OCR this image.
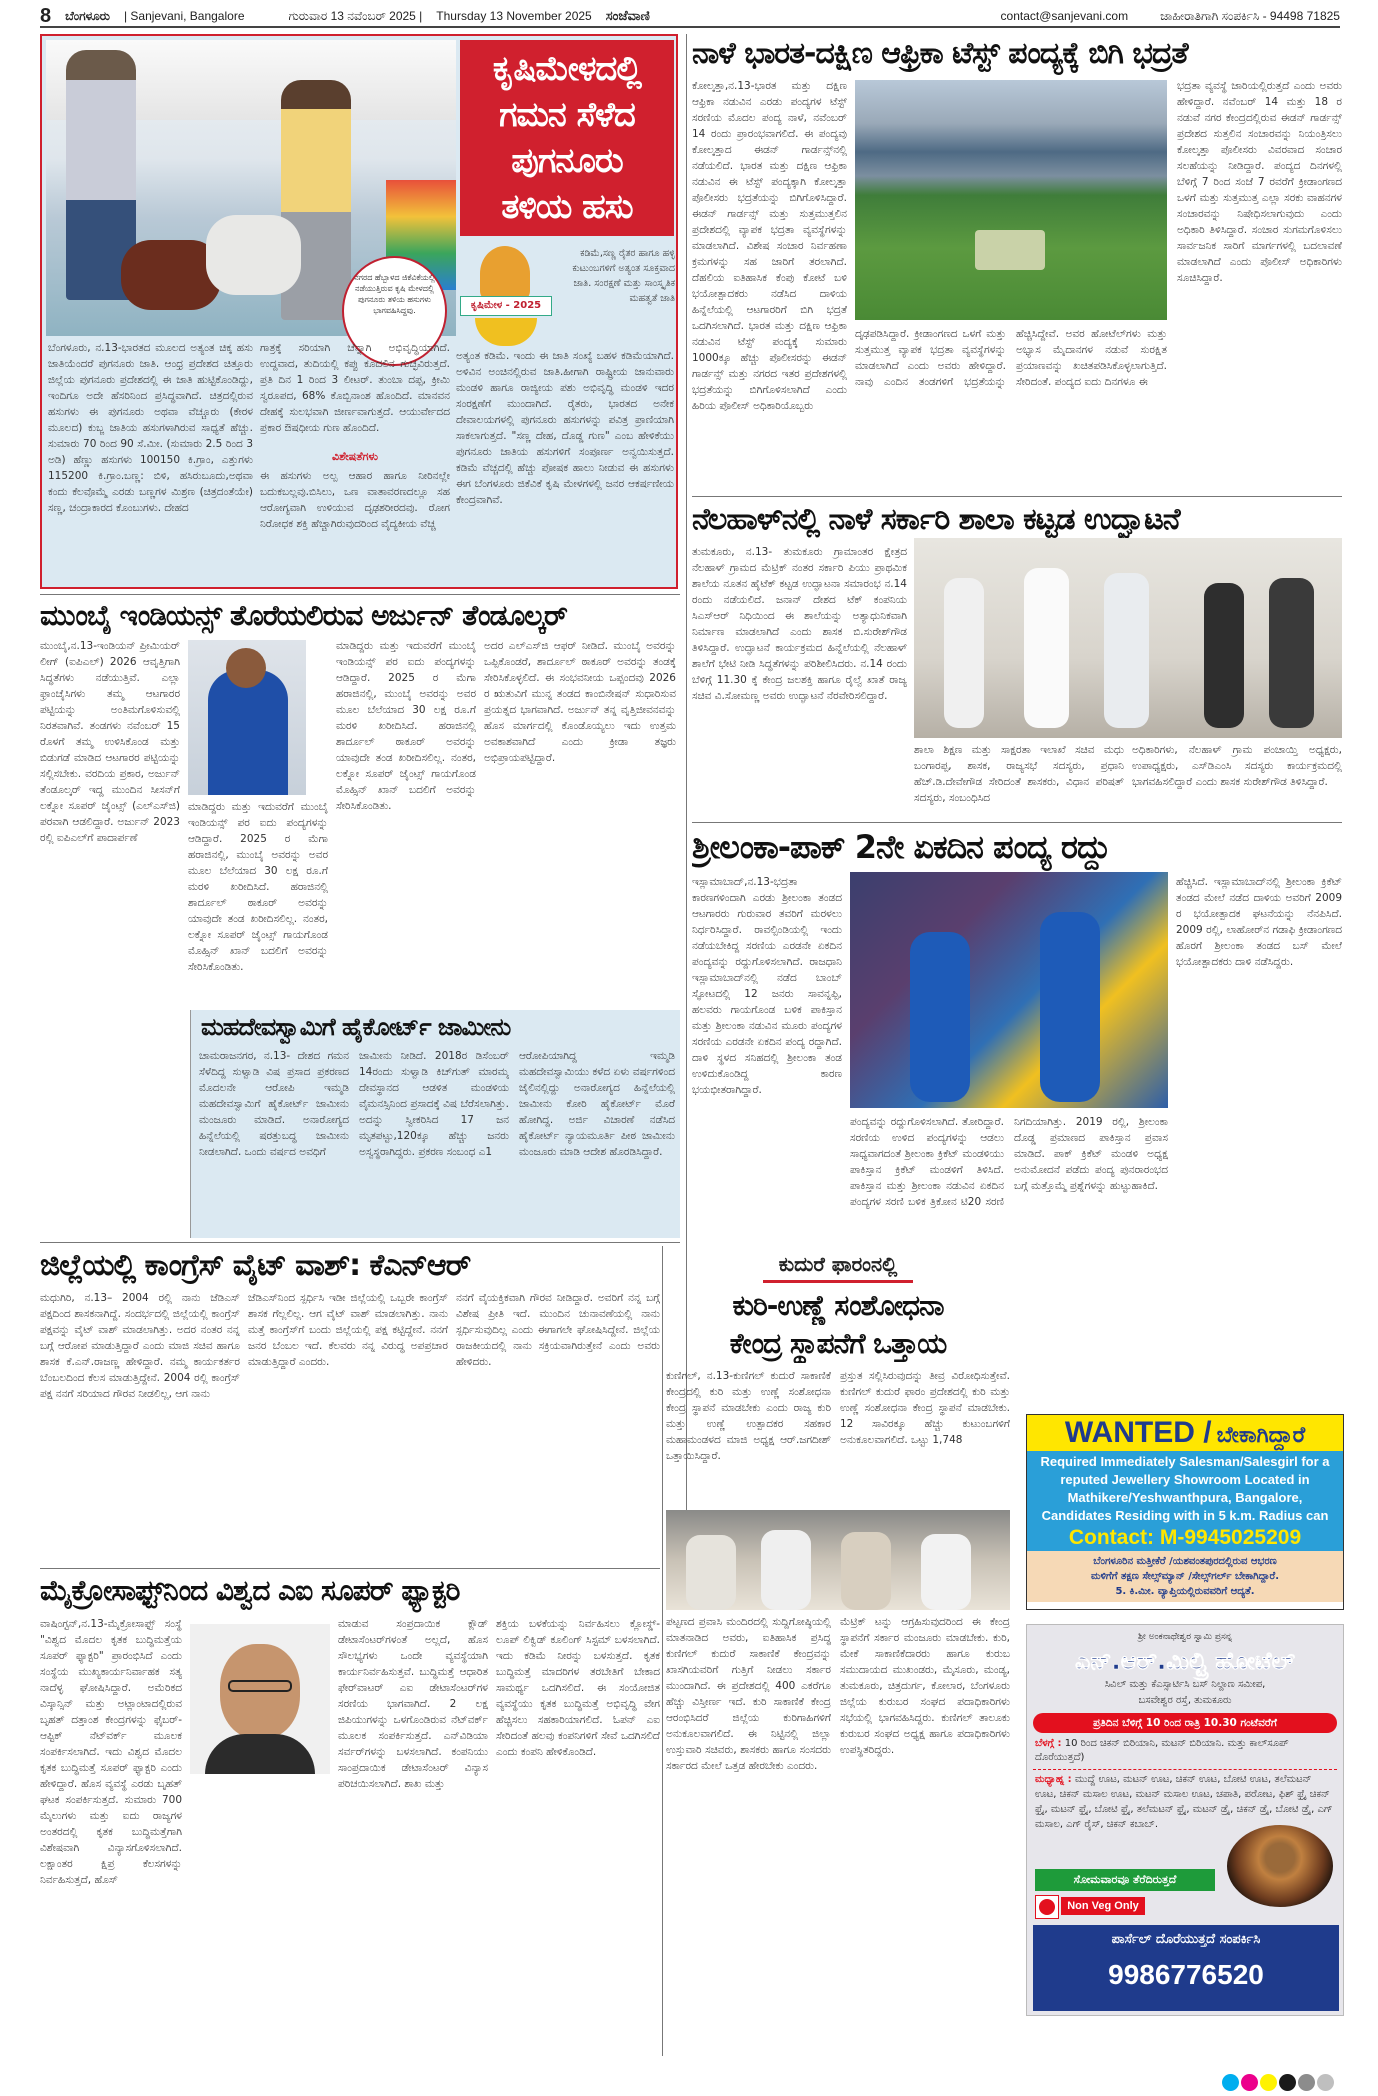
8 ಬೆಂಗಳೂರು | Sanjevani, Bangalore	ಗುರುವಾರ 13 ನವೆಂಬರ್ 2025 | Thursday 13 November 2025 ಸಂಜೆವಾಣಿ	contact@sanjevani.com	ಜಾಹೀರಾತಿಗಾಗಿ ಸಂಪರ್ಕಿಸಿ - 94498 71825
ಕೃಷಿಮೇಳದಲ್ಲಿ
ಗಮನ ಸೆಳೆದ
ಪುಗನೂರು
ತಳಿಯ ಹಸು
ನಗರದ ಹೆಬ್ಬಾಳದ ಜಿಕೆವಿಕೆಯಲ್ಲಿ ನಡೆಯುತ್ತಿರುವ ಕೃಷಿ ಮೇಳದಲ್ಲಿ ಪುಗನೂರು ತಳಿಯ ಹಸುಗಳು ಭಾಗವಹಿಸಿದ್ದವು.	ಕೃಷಿಮೇಳ - 2025
ಕಡಿಮೆ,ಸಣ್ಣ ರೈತರ ಹಾಗೂ ಹಳ್ಳಿ ಕುಟುಂಬಗಳಿಗೆ ಅತ್ಯಂತ ಸೂಕ್ತವಾದ ಜಾತಿ. ಸಂರಕ್ಷಣೆ ಮತ್ತು ಸಾಂಸ್ಕೃತಿಕ ಮಹತ್ವತೆ ಜಾತಿ
ಬೆಂಗಳೂರು, ನ.13-ಭಾರತದ ಮೂಲದ ಅತ್ಯಂತ ಚಿಕ್ಕ ಹಸು ಜಾತಿಯೆಂದರೆ ಪುಗನೂರು ಜಾತಿ. ಆಂಧ್ರ ಪ್ರದೇಶದ ಚಿತ್ತೂರು ಜಿಲ್ಲೆಯ ಪುಗನೂರು ಪ್ರದೇಶದಲ್ಲಿ ಈ ಜಾತಿ ಹುಟ್ಟಿಕೊಂಡಿದ್ದು, ಇಂದಿಗೂ ಅದೇ ಹೆಸರಿನಿಂದ ಪ್ರಸಿದ್ಧವಾಗಿದೆ. ಚಿತ್ರದಲ್ಲಿರುವ ಹಸುಗಳು ಈ ಪುಗನೂರು ಅಥವಾ ವೆಚ್ಚೂರು (ಕೇರಳ ಮೂಲದ) ಕುಬ್ಜ ಜಾತಿಯ ಹಸುಗಳಾಗಿರುವ ಸಾಧ್ಯತೆ ಹೆಚ್ಚು. ಸುಮಾರು 70 ರಿಂದ 90 ಸೆ.ಮೀ. (ಸುಮಾರು 2.5 ರಿಂದ 3 ಅಡಿ) ಹೆಣ್ಣು ಹಸುಗಳು 100150 ಕಿ.ಗ್ರಾಂ, ಎತ್ತುಗಳು 115200 ಕಿ.ಗ್ರಾಂ.ಬಣ್ಣ: ಬಿಳಿ, ಹಸಿರುಬೂದು,ಅಥವಾ ಕಂದು ಕೆಲವೊಮ್ಮೆ ಎರಡು ಬಣ್ಣಗಳ ಮಿಶ್ರಣ (ಚಿತ್ರದಂತೆಯೇ) ಸಣ್ಣ, ಚಂದ್ರಾಕಾರದ ಕೊಂಬುಗಳು. ದೇಹದ
ಗಾತ್ರಕ್ಕೆ ಸರಿಯಾಗಿ ಚೆನ್ನಾಗಿ ಅಭಿವೃದ್ಧಿಯಾಗಿದೆ. ಉದ್ದವಾದ, ತುದಿಯಲ್ಲಿ ಕಪ್ಪು ಕೂದಲಿನ ಗುಚ್ಛವಿರುತ್ತದೆ. ಪ್ರತಿ ದಿನ 1 ರಿಂದ 3 ಲೀಟರ್. ತುಂಬಾ ದಪ್ಪ, ಕ್ರೀಮಿ ಸ್ವರೂಪದ, 68% ಕೊಬ್ಬಿನಾಂಶ ಹೊಂದಿದೆ. ಮಾನವನ ದೇಹಕ್ಕೆ ಸುಲಭವಾಗಿ ಜೀರ್ಣವಾಗುತ್ತದೆ. ಆಯುರ್ವೇದದ ಪ್ರಕಾರ ಔಷಧೀಯ ಗುಣ ಹೊಂದಿದೆ.
ವಿಶೇಷತೆಗಳು
ಈ ಹಸುಗಳು ಅಲ್ಪ ಆಹಾರ ಹಾಗೂ ನೀರಿನಲ್ಲೇ ಬದುಕಬಲ್ಲವು.ಬಿಸಿಲು, ಒಣ ವಾತಾವರಣದಲ್ಲೂ ಸಹ ಆರೋಗ್ಯವಾಗಿ ಉಳಿಯುವ ದೃಢಶರೀರದವು. ರೋಗ ನಿರೋಧಕ ಶಕ್ತಿ ಹೆಚ್ಚಾಗಿರುವುದರಿಂದ ವೈದ್ಯಕೀಯ ವೆಚ್ಚ
ಅತ್ಯಂತ ಕಡಿಮೆ. ಇಂದು ಈ ಜಾತಿ ಸಂಖ್ಯೆ ಬಹಳ ಕಡಿಮೆಯಾಗಿದೆ. ಅಳಿವಿನ ಅಂಚಿನಲ್ಲಿರುವ ಜಾತಿ.ಹೀಗಾಗಿ ರಾಷ್ಟ್ರೀಯ ಜಾನುವಾರು ಮಂಡಳಿ ಹಾಗೂ ರಾಜ್ಯೀಯ ಪಶು ಅಭಿವೃದ್ಧಿ ಮಂಡಳಿ ಇದರ ಸಂರಕ್ಷಣೆಗೆ ಮುಂದಾಗಿದೆ. ರೈತರು, ಭಾರತದ ಅನೇಕ ದೇವಾಲಯಗಳಲ್ಲಿ ಪುಗನೂರು ಹಸುಗಳನ್ನು ಪವಿತ್ರ ಪ್ರಾಣಿಯಾಗಿ ಸಾಕಲಾಗುತ್ತದೆ. "ಸಣ್ಣ ದೇಹ, ದೊಡ್ಡ ಗುಣ" ಎಂಬ ಹೇಳಿಕೆಯು ಪುಗನೂರು ಜಾತಿಯ ಹಸುಗಳಿಗೆ ಸಂಪೂರ್ಣ ಅನ್ವಯಿಸುತ್ತದೆ. ಕಡಿಮೆ ವೆಚ್ಚದಲ್ಲಿ ಹೆಚ್ಚು ಪೋಷಕ ಹಾಲು ನೀಡುವ ಈ ಹಸುಗಳು ಈಗ ಬೆಂಗಳೂರು ಜಿಕೆವಿಕೆ ಕೃಷಿ ಮೇಳಗಳಲ್ಲಿ ಜನರ ಆಕರ್ಷಣೀಯ ಕೇಂದ್ರವಾಗಿವೆ.
ನಾಳೆ ಭಾರತ-ದಕ್ಷಿಣ ಆಫ್ರಿಕಾ ಟೆಸ್ಟ್ ಪಂದ್ಯಕ್ಕೆ ಬಿಗಿ ಭದ್ರತೆ
ಕೋಲ್ಕತ್ತಾ,ನ.13-ಭಾರತ ಮತ್ತು ದಕ್ಷಿಣ ಆಫ್ರಿಕಾ ನಡುವಿನ ಎರಡು ಪಂದ್ಯಗಳ ಟೆಸ್ಟ್ ಸರಣಿಯ ಮೊದಲ ಪಂದ್ಯ ನಾಳೆ, ನವೆಂಬರ್ 14 ರಂದು ಪ್ರಾರಂಭವಾಗಲಿದೆ. ಈ ಪಂದ್ಯವು ಕೋಲ್ಕತ್ತಾದ ಈಡನ್ ಗಾರ್ಡನ್ಸ್‌ನಲ್ಲಿ ನಡೆಯಲಿದೆ. ಭಾರತ ಮತ್ತು ದಕ್ಷಿಣ ಆಫ್ರಿಕಾ ನಡುವಿನ ಈ ಟೆಸ್ಟ್ ಪಂದ್ಯಕ್ಕಾಗಿ ಕೋಲ್ಕತ್ತಾ ಪೊಲೀಸರು ಭದ್ರತೆಯನ್ನು ಬಿಗಿಗೊಳಿಸಿದ್ದಾರೆ. ಈಡನ್ ಗಾರ್ಡನ್ಸ್ ಮತ್ತು ಸುತ್ತಮುತ್ತಲಿನ ಪ್ರದೇಶದಲ್ಲಿ ವ್ಯಾಪಕ ಭದ್ರತಾ ವ್ಯವಸ್ಥೆಗಳನ್ನು ಮಾಡಲಾಗಿದೆ. ವಿಶೇಷ ಸಂಚಾರ ನಿರ್ವಹಣಾ ಕ್ರಮಗಳನ್ನು ಸಹ ಜಾರಿಗೆ ತರಲಾಗಿದೆ. ದೆಹಲಿಯ ಐತಿಹಾಸಿಕ ಕೆಂಪು ಕೋಟೆ ಬಳಿ ಭಯೋತ್ಪಾದಕರು ನಡೆಸಿದ ದಾಳಿಯ ಹಿನ್ನೆಲೆಯಲ್ಲಿ ಆಟಗಾರರಿಗೆ ಬಿಗಿ ಭದ್ರತೆ ಒದಗಿಸಲಾಗಿದೆ. ಭಾರತ ಮತ್ತು ದಕ್ಷಿಣ ಆಫ್ರಿಕಾ ನಡುವಿನ ಟೆಸ್ಟ್ ಪಂದ್ಯಕ್ಕೆ ಸುಮಾರು 1000ಕ್ಕೂ ಹೆಚ್ಚು ಪೊಲೀಸರನ್ನು ಈಡನ್ ಗಾರ್ಡನ್ಸ್ ಮತ್ತು ನಗರದ ಇತರ ಪ್ರದೇಶಗಳಲ್ಲಿ ಭದ್ರತೆಯನ್ನು ಬಿಗಿಗೊಳಿಸಲಾಗಿದೆ ಎಂದು ಹಿರಿಯ ಪೊಲೀಸ್ ಅಧಿಕಾರಿಯೊಬ್ಬರು
ದೃಢಪಡಿಸಿದ್ದಾರೆ. ಕ್ರೀಡಾಂಗಣದ ಒಳಗೆ ಮತ್ತು ಸುತ್ತಮುತ್ತ ವ್ಯಾಪಕ ಭದ್ರತಾ ವ್ಯವಸ್ಥೆಗಳನ್ನು ಮಾಡಲಾಗಿದೆ ಎಂದು ಅವರು ಹೇಳಿದ್ದಾರೆ. ನಾವು ಎಂದಿನ ತಂಡಗಳಿಗೆ ಭದ್ರತೆಯನ್ನು ಹೆಚ್ಚಿಸಿದ್ದೇವೆ. ಅವರ ಹೋಟೆಲ್‌ಗಳು ಮತ್ತು ಅಭ್ಯಾಸ ಮೈದಾನಗಳ ನಡುವೆ ಸುರಕ್ಷಿತ ಪ್ರಯಾಣವನ್ನು ಖಚಿತಪಡಿಸಿಕೊಳ್ಳಲಾಗುತ್ತಿದೆ. ಸೇರಿದಂತೆ. ಪಂದ್ಯದ ಐದು ದಿನಗಳೂ ಈ
ಭದ್ರತಾ ವ್ಯವಸ್ಥೆ ಜಾರಿಯಲ್ಲಿರುತ್ತದೆ ಎಂದು ಅವರು ಹೇಳಿದ್ದಾರೆ. ನವೆಂಬರ್ 14 ಮತ್ತು 18 ರ ನಡುವೆ ನಗರ ಕೇಂದ್ರದಲ್ಲಿರುವ ಈಡನ್ ಗಾರ್ಡನ್ಸ್ ಪ್ರದೇಶದ ಸುತ್ತಲಿನ ಸಂಚಾರವನ್ನು ನಿಯಂತ್ರಿಸಲು ಕೋಲ್ಕತ್ತಾ ಪೊಲೀಸರು ವಿವರವಾದ ಸಂಚಾರ ಸಲಹೆಯನ್ನು ನೀಡಿದ್ದಾರೆ. ಪಂದ್ಯದ ದಿನಗಳಲ್ಲಿ ಬೆಳಿಗ್ಗೆ 7 ರಿಂದ ಸಂಜೆ 7 ರವರೆಗೆ ಕ್ರೀಡಾಂಗಣದ ಒಳಗೆ ಮತ್ತು ಸುತ್ತಮುತ್ತ ಎಲ್ಲಾ ಸರಕು ವಾಹನಗಳ ಸಂಚಾರವನ್ನು ನಿಷೇಧಿಸಲಾಗುವುದು ಎಂದು ಅಧಿಕಾರಿ ತಿಳಿಸಿದ್ದಾರೆ. ಸಂಚಾರ ಸುಗಮಗೊಳಿಸಲು ಸಾರ್ವಜನಿಕ ಸಾರಿಗೆ ಮಾರ್ಗಗಳಲ್ಲಿ ಬದಲಾವಣೆ ಮಾಡಲಾಗಿದೆ ಎಂದು ಪೊಲೀಸ್ ಅಧಿಕಾರಿಗಳು ಸೂಚಿಸಿದ್ದಾರೆ.
ನೆಲಹಾಳ್‌ನಲ್ಲಿ ನಾಳೆ ಸರ್ಕಾರಿ ಶಾಲಾ ಕಟ್ಟಡ ಉದ್ಘಾಟನೆ
ತುಮಕೂರು, ನ.13- ತುಮಕೂರು ಗ್ರಾಮಾಂತರ ಕ್ಷೇತ್ರದ ನೆಲಹಾಳ್ ಗ್ರಾಮದ ಮೆಟ್ರಿಕ್ ನಂತರ ಸರ್ಕಾರಿ ಪಿಯು ಪ್ರಾಥಮಿಕ ಶಾಲೆಯ ನೂತನ ಹೈಟೆಕ್ ಕಟ್ಟಡ ಉದ್ಘಾಟನಾ ಸಮಾರಂಭ ನ.14 ರಂದು ನಡೆಯಲಿದೆ. ಜನಾನ್ ದೇಶದ ಟೆಕ್ ಕಂಪನಿಯ ಸಿಎಸ್‌ಆರ್ ನಿಧಿಯಿಂದ ಈ ಶಾಲೆಯನ್ನು ಅತ್ಯಾಧುನಿಕವಾಗಿ ನಿರ್ಮಾಣ ಮಾಡಲಾಗಿದೆ ಎಂದು ಶಾಸಕ ಬಿ.ಸುರೇಶ್‌ಗೌಡ ತಿಳಿಸಿದ್ದಾರೆ. ಉದ್ಘಾಟನೆ ಕಾರ್ಯಕ್ರಮದ ಹಿನ್ನೆಲೆಯಲ್ಲಿ ನೆಲಹಾಳ್ ಶಾಲೆಗೆ ಭೇಟಿ ನೀಡಿ ಸಿದ್ಧತೆಗಳನ್ನು ಪರಿಶೀಲಿಸಿದರು. ನ.14 ರಂದು ಬೆಳಿಗ್ಗೆ 11.30 ಕ್ಕೆ ಕೇಂದ್ರ ಜಲಶಕ್ತಿ ಹಾಗೂ ರೈಲ್ವೆ ಖಾತೆ ರಾಜ್ಯ ಸಚಿವ ವಿ.ಸೋಮಣ್ಣ ಅವರು ಉದ್ಘಾಟನೆ ನೆರವೇರಿಸಲಿದ್ದಾರೆ.
ಶಾಲಾ ಶಿಕ್ಷಣ ಮತ್ತು ಸಾಕ್ಷರತಾ ಇಲಾಖೆ ಸಚಿವ ಮಧು ಬಂಗಾರಪ್ಪ, ಶಾಸಕ, ರಾಜ್ಯಸಭೆ ಸದಸ್ಯರು, ಪ್ರಧಾನಿ ಹೆಚ್.ಡಿ.ದೇವೇಗೌಡ ಸೇರಿದಂತೆ ಶಾಸಕರು, ವಿಧಾನ ಪರಿಷತ್ ಸದಸ್ಯರು, ಸಂಬಂಧಿಸಿದ
ಅಧಿಕಾರಿಗಳು, ನೆಲಹಾಳ್ ಗ್ರಾಮ ಪಂಚಾಯ್ತಿ ಅಧ್ಯಕ್ಷರು, ಉಪಾಧ್ಯಕ್ಷರು, ಎಸ್‌ಡಿಎಂಸಿ ಸದಸ್ಯರು ಕಾರ್ಯಕ್ರಮದಲ್ಲಿ ಭಾಗವಹಿಸಲಿದ್ದಾರೆ ಎಂದು ಶಾಸಕ ಸುರೇಶ್‌ಗೌಡ ತಿಳಿಸಿದ್ದಾರೆ.
ಶ್ರೀಲಂಕಾ-ಪಾಕ್ 2ನೇ ಏಕದಿನ ಪಂದ್ಯ ರದ್ದು
ಇಸ್ಲಾಮಾಬಾದ್,ನ.13-ಭದ್ರತಾ ಕಾರಣಗಳಿಂದಾಗಿ ಎರಡು ಶ್ರೀಲಂಕಾ ತಂಡದ ಆಟಗಾರರು ಗುರುವಾರ ತವರಿಗೆ ಮರಳಲು ನಿರ್ಧರಿಸಿದ್ದಾರೆ. ರಾವಲ್ಪಿಂಡಿಯಲ್ಲಿ ಇಂದು ನಡೆಯಬೇಕಿದ್ದ ಸರಣಿಯ ಎರಡನೇ ಏಕದಿನ ಪಂದ್ಯವನ್ನು ರದ್ದುಗೊಳಿಸಲಾಗಿದೆ. ರಾಜಧಾನಿ ಇಸ್ಲಾಮಾಬಾದ್‌ನಲ್ಲಿ ನಡೆದ ಬಾಂಬ್ ಸ್ಫೋಟದಲ್ಲಿ 12 ಜನರು ಸಾವನ್ನಪ್ಪಿ, ಹಲವರು ಗಾಯಗೊಂಡ ಬಳಿಕ ಪಾಕಿಸ್ತಾನ ಮತ್ತು ಶ್ರೀಲಂಕಾ ನಡುವಿನ ಮೂರು ಪಂದ್ಯಗಳ ಸರಣಿಯ ಎರಡನೇ ಏಕದಿನ ಪಂದ್ಯ ರದ್ದಾಗಿದೆ. ದಾಳಿ ಸ್ಥಳದ ಸನಿಹದಲ್ಲಿ ಶ್ರೀಲಂಕಾ ತಂಡ ಉಳಿದುಕೊಂಡಿದ್ದ ಕಾರಣ ಭಯಭೀತರಾಗಿದ್ದಾರೆ.
ಪಂದ್ಯವನ್ನು ರದ್ದುಗೊಳಿಸಲಾಗಿದೆ. ತೋರಿದ್ದಾರೆ. ಸರಣಿಯ ಉಳಿದ ಪಂದ್ಯಗಳನ್ನು ಆಡಲು ಸಾಧ್ಯವಾಗದಂತೆ ಶ್ರೀಲಂಕಾ ಕ್ರಿಕೆಟ್ ಮಂಡಳಿಯು ಪಾಕಿಸ್ತಾನ ಕ್ರಿಕೆಟ್ ಮಂಡಳಿಗೆ ತಿಳಿಸಿದೆ. ಪಾಕಿಸ್ತಾನ ಮತ್ತು ಶ್ರೀಲಂಕಾ ನಡುವಿನ ಏಕದಿನ ಪಂದ್ಯಗಳ ಸರಣಿ ಬಳಿಕ ತ್ರಿಕೋನ ಟಿ20 ಸರಣಿ ನಿಗದಿಯಾಗಿತ್ತು. 2019 ರಲ್ಲಿ, ಶ್ರೀಲಂಕಾ ದೊಡ್ಡ ಪ್ರಮಾಣದ ಪಾಕಿಸ್ತಾನ ಪ್ರವಾಸ ಮಾಡಿದೆ. ಪಾಕ್ ಕ್ರಿಕೆಟ್ ಮಂಡಳಿ ಅಧ್ಯಕ್ಷ ಅನುಮೋದನೆ ಪಡೆದು ಪಂದ್ಯ ಪುನರಾರಂಭದ ಬಗ್ಗೆ ಮತ್ತೊಮ್ಮೆ ಪ್ರಶ್ನೆಗಳನ್ನು ಹುಟ್ಟುಹಾಕಿದೆ.
ಹೆಚ್ಚಿಸಿದೆ. ಇಸ್ಲಾಮಾಬಾದ್‌ನಲ್ಲಿ ಶ್ರೀಲಂಕಾ ಕ್ರಿಕೆಟ್ ತಂಡದ ಮೇಲೆ ನಡೆದ ದಾಳಿಯ ಅವರಿಗೆ 2009 ರ ಭಯೋತ್ಪಾದಕ ಘಟನೆಯನ್ನು ನೆನಪಿಸಿದೆ. 2009 ರಲ್ಲಿ, ಲಾಹೋರ್‌ನ ಗಡಾಫಿ ಕ್ರೀಡಾಂಗಣದ ಹೊರಗೆ ಶ್ರೀಲಂಕಾ ತಂಡದ ಬಸ್ ಮೇಲೆ ಭಯೋತ್ಪಾದಕರು ದಾಳಿ ನಡೆಸಿದ್ದರು.
ಮುಂಬೈ ಇಂಡಿಯನ್ಸ್ ತೊರೆಯಲಿರುವ ಅರ್ಜುನ್ ತೆಂಡೂಲ್ಕರ್
ಮುಂಬೈ,ನ.13-ಇಂಡಿಯನ್ ಪ್ರೀಮಿಯರ್ ಲೀಗ್ (ಐಪಿಎಲ್) 2026 ಆವೃತ್ತಿಗಾಗಿ ಸಿದ್ಧತೆಗಳು ನಡೆಯುತ್ತಿವೆ. ಎಲ್ಲಾ ಫ್ರಾಂಚೈಸಿಗಳು ತಮ್ಮ ಆಟಗಾರರ ಪಟ್ಟಿಯನ್ನು ಅಂತಿಮಗೊಳಿಸುವಲ್ಲಿ ನಿರತವಾಗಿವೆ. ತಂಡಗಳು ನವೆಂಬರ್ 15 ರೊಳಗೆ ತಮ್ಮ ಉಳಿಸಿಕೊಂಡ ಮತ್ತು ಬಿಡುಗಡೆ ಮಾಡಿದ ಆಟಗಾರರ ಪಟ್ಟಿಯನ್ನು ಸಲ್ಲಿಸಬೇಕು. ವರದಿಯ ಪ್ರಕಾರ, ಅರ್ಜುನ್ ತೆಂಡೂಲ್ಕರ್ ಇದ್ದ ಮುಂದಿನ ಸೀಸನ್‌ಗೆ ಲಕ್ನೋ ಸೂಪರ್ ಜೈಂಟ್ಸ್ (ಎಲ್‌ಎಸ್‌ಜಿ) ಪರವಾಗಿ ಆಡಲಿದ್ದಾರೆ. ಅರ್ಜುನ್ 2023 ರಲ್ಲಿ ಐಪಿಎಲ್‌ಗೆ ಪಾದಾರ್ಪಣೆ
ಮಾಡಿದ್ದರು ಮತ್ತು ಇದುವರೆಗೆ ಮುಂಬೈ ಇಂಡಿಯನ್ಸ್ ಪರ ಐದು ಪಂದ್ಯಗಳನ್ನು ಆಡಿದ್ದಾರೆ. 2025 ರ ಮೆಗಾ ಹರಾಜಿನಲ್ಲಿ, ಮುಂಬೈ ಅವರನ್ನು ಅವರ ಮೂಲ ಬೆಲೆಯಾದ 30 ಲಕ್ಷ ರೂ.ಗೆ ಮರಳಿ ಖರೀದಿಸಿದೆ. ಹರಾಜಿನಲ್ಲಿ ಶಾರ್ದೂಲ್ ಠಾಕೂರ್ ಅವರನ್ನು ಯಾವುದೇ ತಂಡ ಖರೀದಿಸಲಿಲ್ಲ. ನಂತರ, ಲಕ್ನೋ ಸೂಪರ್ ಜೈಂಟ್ಸ್ ಗಾಯಗೊಂಡ ಮೊಹ್ಸಿನ್ ಖಾನ್ ಬದಲಿಗೆ ಅವರನ್ನು ಸೇರಿಸಿಕೊಂಡಿತು.
ಮಾಡಿದ್ದರು ಮತ್ತು ಇದುವರೆಗೆ ಮುಂಬೈ ಇಂಡಿಯನ್ಸ್ ಪರ ಐದು ಪಂದ್ಯಗಳನ್ನು ಆಡಿದ್ದಾರೆ. 2025 ರ ಮೆಗಾ ಹರಾಜಿನಲ್ಲಿ, ಮುಂಬೈ ಅವರನ್ನು ಅವರ ಮೂಲ ಬೆಲೆಯಾದ 30 ಲಕ್ಷ ರೂ.ಗೆ ಮರಳಿ ಖರೀದಿಸಿದೆ. ಹರಾಜಿನಲ್ಲಿ ಶಾರ್ದೂಲ್ ಠಾಕೂರ್ ಅವರನ್ನು ಯಾವುದೇ ತಂಡ ಖರೀದಿಸಲಿಲ್ಲ. ನಂತರ, ಲಕ್ನೋ ಸೂಪರ್ ಜೈಂಟ್ಸ್ ಗಾಯಗೊಂಡ ಮೊಹ್ಸಿನ್ ಖಾನ್ ಬದಲಿಗೆ ಅವರನ್ನು ಸೇರಿಸಿಕೊಂಡಿತು.
ಅದರ ಎಲ್‌ಎಸ್‌ಜಿ ಆಫರ್ ನೀಡಿದೆ. ಮುಂಬೈ ಅವರನ್ನು ಒಪ್ಪಿಕೊಂಡರೆ, ಶಾರ್ದೂಲ್ ಠಾಕೂರ್ ಅವರನ್ನು ತಂಡಕ್ಕೆ ಸೇರಿಸಿಕೊಳ್ಳಲಿದೆ. ಈ ಸಂಭವನೀಯ ಒಪ್ಪಂದವು 2026 ರ ಋತುವಿಗೆ ಮುನ್ನ ತಂಡದ ಕಾಂಬಿನೇಷನ್ ಸುಧಾರಿಸುವ ಪ್ರಯತ್ನದ ಭಾಗವಾಗಿದೆ. ಅರ್ಜುನ್ ತನ್ನ ವೃತ್ತಿಜೀವನವನ್ನು ಹೊಸ ಮಾರ್ಗದಲ್ಲಿ ಕೊಂಡೊಯ್ಯಲು ಇದು ಉತ್ತಮ ಅವಕಾಶವಾಗಿದೆ ಎಂದು ಕ್ರೀಡಾ ತಜ್ಞರು ಅಭಿಪ್ರಾಯಪಟ್ಟಿದ್ದಾರೆ.
ಮಹದೇವಸ್ವಾಮಿಗೆ ಹೈಕೋರ್ಟ್ ಜಾಮೀನು
ಚಾಮರಾಜನಗರ, ನ.13- ದೇಶದ ಗಮನ ಸೆಳೆದಿದ್ದ ಸುಳ್ವಾಡಿ ವಿಷ ಪ್ರಸಾದ ಪ್ರಕರಣದ ಮೊದಲನೇ ಆರೋಪಿ ಇಮ್ಮಡಿ ಮಹದೇವಸ್ವಾಮಿಗೆ ಹೈಕೋರ್ಟ್ ಜಾಮೀನು ಮಂಜೂರು ಮಾಡಿದೆ. ಅನಾರೋಗ್ಯದ ಹಿನ್ನೆಲೆಯಲ್ಲಿ ಷರತ್ತುಬದ್ಧ ಜಾಮೀನು ನೀಡಲಾಗಿದೆ. ಒಂದು ವರ್ಷದ ಅವಧಿಗೆ
ಜಾಮೀನು ನೀಡಿದೆ. 2018ರ ಡಿಸೆಂಬರ್ 14ರಂದು ಸುಳ್ವಾಡಿ ಕಿಚ್‌ಗುತ್ ಮಾರಮ್ಮ ದೇವಸ್ಥಾನದ ಆಡಳಿತ ಮಂಡಳಿಯ ವೈಮನಸ್ಸಿನಿಂದ ಪ್ರಸಾದಕ್ಕೆ ವಿಷ ಬೆರೆಸಲಾಗಿತ್ತು. ಅದನ್ನು ಸ್ವೀಕರಿಸಿದ 17 ಜನ ಮೃತಪಟ್ಟು,120ಕ್ಕೂ ಹೆಚ್ಚು ಜನರು ಅಸ್ವಸ್ಥರಾಗಿದ್ದರು. ಪ್ರಕರಣ ಸಂಬಂಧ ಎ1
ಆರೋಪಿಯಾಗಿದ್ದ ಇಮ್ಮಡಿ ಮಹದೇವಸ್ವಾಮಿಯು ಕಳೆದ ಏಳು ವರ್ಷಗಳಿಂದ ಜೈಲಿನಲ್ಲಿದ್ದು ಅನಾರೋಗ್ಯದ ಹಿನ್ನೆಲೆಯಲ್ಲಿ ಜಾಮೀನು ಕೋರಿ ಹೈಕೋರ್ಟ್ ಮೊರೆ ಹೋಗಿದ್ದ. ಅರ್ಜಿ ವಿಚಾರಣೆ ನಡೆಸಿದ ಹೈಕೋರ್ಟ್ ನ್ಯಾಯಮೂರ್ತಿ ಪೀಠ ಜಾಮೀನು ಮಂಜೂರು ಮಾಡಿ ಆದೇಶ ಹೊರಡಿಸಿದ್ದಾರೆ.
ಜಿಲ್ಲೆಯಲ್ಲಿ ಕಾಂಗ್ರೆಸ್ ವೈಟ್ ವಾಶ್: ಕೆಎನ್‌ಆರ್
ಮಧುಗಿರಿ, ನ.13– 2004 ರಲ್ಲಿ ನಾನು ಜೆಡಿಎಸ್ ಪಕ್ಷದಿಂದ ಶಾಸಕನಾಗಿದ್ದೆ. ಸಂದರ್ಭದಲ್ಲಿ ಜಿಲ್ಲೆಯಲ್ಲಿ ಕಾಂಗ್ರೆಸ್ ಪಕ್ಷವನ್ನು ವೈಟ್ ವಾಶ್ ಮಾಡಲಾಗಿತ್ತು. ಅದರ ನಂತರ ನನ್ನ ಬಗ್ಗೆ ಆರೋಪ ಮಾಡುತ್ತಿದ್ದಾರೆ ಎಂದು ಮಾಜಿ ಸಚಿವ ಹಾಗೂ ಶಾಸಕ ಕೆ.ಎನ್.ರಾಜಣ್ಣ ಹೇಳಿದ್ದಾರೆ. ನಮ್ಮ ಕಾರ್ಯಕರ್ತರ ಬೆಂಬಲದಿಂದ ಕೆಲಸ ಮಾಡುತ್ತಿದ್ದೇನೆ. 2004 ರಲ್ಲಿ ಕಾಂಗ್ರೆಸ್ ಪಕ್ಷ ನನಗೆ ಸರಿಯಾದ ಗೌರವ ನೀಡಲಿಲ್ಲ, ಆಗ ನಾನು
ಜೆಡಿಎಸ್‌ನಿಂದ ಸ್ಪರ್ಧಿಸಿ ಇಡೀ ಜಿಲ್ಲೆಯಲ್ಲಿ ಒಬ್ಬರೇ ಕಾಂಗ್ರೆಸ್ ಶಾಸಕ ಗೆಲ್ಲಲಿಲ್ಲ. ಆಗ ವೈಟ್ ವಾಶ್ ಮಾಡಲಾಗಿತ್ತು. ನಾನು ಮತ್ತೆ ಕಾಂಗ್ರೆಸ್‌ಗೆ ಬಂದು ಜಿಲ್ಲೆಯಲ್ಲಿ ಪಕ್ಷ ಕಟ್ಟಿದ್ದೇನೆ. ನನಗೆ ಜನರ ಬೆಂಬಲ ಇದೆ. ಕೆಲವರು ನನ್ನ ವಿರುದ್ಧ ಅಪಪ್ರಚಾರ ಮಾಡುತ್ತಿದ್ದಾರೆ ಎಂದರು.
ನನಗೆ ವೈಯಕ್ತಿಕವಾಗಿ ಗೌರವ ನೀಡಿದ್ದಾರೆ. ಅವರಿಗೆ ನನ್ನ ಬಗ್ಗೆ ವಿಶೇಷ ಪ್ರೀತಿ ಇದೆ. ಮುಂದಿನ ಚುನಾವಣೆಯಲ್ಲಿ ನಾನು ಸ್ಪರ್ಧಿಸುವುದಿಲ್ಲ ಎಂದು ಈಗಾಗಲೇ ಘೋಷಿಸಿದ್ದೇನೆ. ಜಿಲ್ಲೆಯ ರಾಜಕೀಯದಲ್ಲಿ ನಾನು ಸಕ್ರಿಯವಾಗಿರುತ್ತೇನೆ ಎಂದು ಅವರು ಹೇಳಿದರು.
ಕುದುರೆ ಫಾರಂನಲ್ಲಿ
ಕುರಿ-ಉಣ್ಣೆ ಸಂಶೋಧನಾ
ಕೇಂದ್ರ ಸ್ಥಾಪನೆಗೆ ಒತ್ತಾಯ
ಕುಣಿಗಲ್, ನ.13-ಕುಣಿಗಲ್ ಕುದುರೆ ಸಾಕಾಣಿಕೆ ಕೇಂದ್ರದಲ್ಲಿ ಕುರಿ ಮತ್ತು ಉಣ್ಣೆ ಸಂಶೋಧನಾ ಕೇಂದ್ರ ಸ್ಥಾಪನೆ ಮಾಡಬೇಕು ಎಂದು ರಾಜ್ಯ ಕುರಿ ಮತ್ತು ಉಣ್ಣೆ ಉತ್ಪಾದಕರ ಸಹಕಾರ ಮಹಾಮಂಡಳದ ಮಾಜಿ ಅಧ್ಯಕ್ಷ ಆರ್.ಜಗದೀಶ್ ಒತ್ತಾಯಿಸಿದ್ದಾರೆ.
ಪ್ರಸ್ತುತ ಸಲ್ಲಿಸಿರುವುದನ್ನು ತೀವ್ರ ವಿರೋಧಿಸುತ್ತೇವೆ. ಕುಣಿಗಲ್ ಕುದುರೆ ಫಾರಂ ಪ್ರದೇಶದಲ್ಲಿ ಕುರಿ ಮತ್ತು ಉಣ್ಣೆ ಸಂಶೋಧನಾ ಕೇಂದ್ರ ಸ್ಥಾಪನೆ ಮಾಡಬೇಕು. 12 ಸಾವಿರಕ್ಕೂ ಹೆಚ್ಚು ಕುಟುಂಬಗಳಿಗೆ ಅನುಕೂಲವಾಗಲಿದೆ. ಒಟ್ಟು 1,748
ಪಟ್ಟಣದ ಪ್ರವಾಸಿ ಮಂದಿರದಲ್ಲಿ ಸುದ್ದಿಗೋಷ್ಠಿಯಲ್ಲಿ ಮಾತನಾಡಿದ ಅವರು, ಐತಿಹಾಸಿಕ ಪ್ರಸಿದ್ಧ ಕುಣಿಗಲ್ ಕುದುರೆ ಸಾಕಾಣಿಕೆ ಕೇಂದ್ರವನ್ನು ಖಾಸಗಿಯವರಿಗೆ ಗುತ್ತಿಗೆ ನೀಡಲು ಸರ್ಕಾರ ಮುಂದಾಗಿದೆ. ಈ ಪ್ರದೇಶದಲ್ಲಿ 400 ಎಕರೆಗೂ ಹೆಚ್ಚು ವಿಸ್ತೀರ್ಣ ಇದೆ. ಕುರಿ ಸಾಕಾಣಿಕೆ ಕೇಂದ್ರ ಆರಂಭಿಸಿದರೆ ಜಿಲ್ಲೆಯ ಕುರಿಗಾಹಿಗಳಿಗೆ ಅನುಕೂಲವಾಗಲಿದೆ. ಈ ನಿಟ್ಟಿನಲ್ಲಿ ಜಿಲ್ಲಾ ಉಸ್ತುವಾರಿ ಸಚಿವರು, ಶಾಸಕರು ಹಾಗೂ ಸಂಸದರು ಸರ್ಕಾರದ ಮೇಲೆ ಒತ್ತಡ ಹೇರಬೇಕು ಎಂದರು.
ಮೆಟ್ರಿಕ್ ಟನ್ನು ಆಗ್ರಹಿಸುವುದರಿಂದ ಈ ಕೇಂದ್ರ ಸ್ಥಾಪನೆಗೆ ಸರ್ಕಾರ ಮಂಜೂರು ಮಾಡಬೇಕು. ಕುರಿ, ಮೇಕೆ ಸಾಕಾಣಿಕೆದಾರರು ಹಾಗೂ ಕುರುಬ ಸಮುದಾಯದ ಮುಖಂಡರು, ಮೈಸೂರು, ಮಂಡ್ಯ, ತುಮಕೂರು, ಚಿತ್ರದುರ್ಗ, ಕೋಲಾರ, ಬೆಂಗಳೂರು ಜಿಲ್ಲೆಯ ಕುರುಬರ ಸಂಘದ ಪದಾಧಿಕಾರಿಗಳು ಸಭೆಯಲ್ಲಿ ಭಾಗವಹಿಸಿದ್ದರು. ಕುಣಿಗಲ್ ತಾಲೂಕು ಕುರುಬರ ಸಂಘದ ಅಧ್ಯಕ್ಷ ಹಾಗೂ ಪದಾಧಿಕಾರಿಗಳು ಉಪಸ್ಥಿತರಿದ್ದರು.
ಮೈಕ್ರೋಸಾಫ್ಟ್‌ನಿಂದ ವಿಶ್ವದ ಎಐ ಸೂಪರ್ ಫ್ಯಾಕ್ಟರಿ
ವಾಷಿಂಗ್ಟನ್,ನ.13-ಮೈಕ್ರೋಸಾಫ್ಟ್ ಸಂಸ್ಥೆ "ವಿಶ್ವದ ಮೊದಲ ಕೃತಕ ಬುದ್ಧಿಮತ್ತೆಯ ಸೂಪರ್ ಫ್ಯಾಕ್ಟರಿ" ಪ್ರಾರಂಭಿಸಿದೆ ಎಂದು ಸಂಸ್ಥೆಯ ಮುಖ್ಯಕಾರ್ಯನಿರ್ವಾಹಕ ಸತ್ಯ ನಾದೆಳ್ಳ ಘೋಷಿಸಿದ್ದಾರೆ. ಅಮೆರಿಕದ ವಿಸ್ಕಾನ್ಸಿನ್ ಮತ್ತು ಅಟ್ಲಾಂಟಾದಲ್ಲಿರುವ ಬೃಹತ್ ದತ್ತಾಂಶ ಕೇಂದ್ರಗಳನ್ನು ಫೈಬರ್-ಆಪ್ಟಿಕ್ ನೆಟ್‌ವರ್ಕ್ ಮೂಲಕ ಸಂಪರ್ಕಿಸಲಾಗಿದೆ. ಇದು ವಿಶ್ವದ ಮೊದಲ ಕೃತಕ ಬುದ್ಧಿಮತ್ತೆ ಸೂಪರ್ ಫ್ಯಾಕ್ಟರಿ ಎಂದು ಹೇಳಿದ್ದಾರೆ. ಹೊಸ ವ್ಯವಸ್ಥೆ ಎರಡು ಬೃಹತ್ ಘಟಕ ಸಂಪರ್ಕಿಸುತ್ತದೆ. ಸುಮಾರು 700 ಮೈಲುಗಳು ಮತ್ತು ಐದು ರಾಜ್ಯಗಳ ಅಂತರದಲ್ಲಿ ಕೃತಕ ಬುದ್ಧಿಮತ್ತೆಗಾಗಿ ವಿಶೇಷವಾಗಿ ವಿನ್ಯಾಸಗೊಳಿಸಲಾಗಿದೆ. ಲಕ್ಷಾಂತರ ಕ್ಷಿಪ್ರ ಕೆಲಸಗಳನ್ನು ನಿರ್ವಹಿಸುತ್ತದೆ, ಹೊಸ್
ಮಾಡುವ ಸಂಪ್ರದಾಯಿಕ ಕ್ಲೌಡ್ ಡೇಟಾಸೆಂಟರ್‌ಗಳಂತೆ ಅಲ್ಲದೆ, ಹೊಸ ಸೌಲಭ್ಯಗಳು ಒಂದೇ ವ್ಯವಸ್ಥೆಯಾಗಿ ಕಾರ್ಯನಿರ್ವಹಿಸುತ್ತವೆ. ಬುದ್ಧಿಮತ್ತೆ ಆಧಾರಿತ ಫೇರ್‌ವಾಟರ್ ಎಐ ಡೇಟಾಸೆಂಟರ್‌ಗಳ ಸರಣಿಯ ಭಾಗವಾಗಿದೆ. 2 ಲಕ್ಷ ಜಿಪಿಯುಗಳನ್ನು ಒಳಗೊಂಡಿರುವ ನೆಟ್‌ವರ್ಕ್ ಮೂಲಕ ಸಂಪರ್ಕಿಸುತ್ತದೆ. ಎನ್‌ವಿಡಿಯಾ ಸರ್ವರ್‌ಗಳನ್ನು ಬಳಸಲಾಗಿದೆ. ಕಂಪನಿಯು ಸಾಂಪ್ರದಾಯಿಕ ಡೇಟಾಸೆಂಟರ್ ವಿನ್ಯಾಸ ಪರಿಚಯಿಸಲಾಗಿದೆ. ಶಾಖ ಮತ್ತು
ಶಕ್ತಿಯ ಬಳಕೆಯನ್ನು ನಿರ್ವಹಿಸಲು ಕ್ಲೋಸ್ಡ್-ಲೂಪ್ ಲಿಕ್ವಿಡ್ ಕೂಲಿಂಗ್ ಸಿಸ್ಟಮ್ ಬಳಸಲಾಗಿದೆ. ಇದು ಕಡಿಮೆ ನೀರನ್ನು ಬಳಸುತ್ತದೆ. ಕೃತಕ ಬುದ್ಧಿಮತ್ತೆ ಮಾದರಿಗಳ ತರಬೇತಿಗೆ ಬೇಕಾದ ಸಾಮರ್ಥ್ಯ ಒದಗಿಸಲಿದೆ. ಈ ಸಂಯೋಜಿತ ವ್ಯವಸ್ಥೆಯು ಕೃತಕ ಬುದ್ಧಿಮತ್ತೆ ಅಭಿವೃದ್ಧಿ ವೇಗ ಹೆಚ್ಚಿಸಲು ಸಹಕಾರಿಯಾಗಲಿದೆ. ಓಪನ್ ಎಐ ಸೇರಿದಂತೆ ಹಲವು ಕಂಪನಿಗಳಿಗೆ ಸೇವೆ ಒದಗಿಸಲಿದೆ ಎಂದು ಕಂಪನಿ ಹೇಳಿಕೊಂಡಿದೆ.
WANTED / ಬೇಕಾಗಿದ್ದಾರೆ
Required Immediately Salesman/Salesgirl for a
reputed Jewellery Showroom Located in
Mathikere/Yeshwanthpura, Bangalore,
Candidates Residing with in 5 k.m. Radius can
Contact: M-9945025209
ಬೆಂಗಳೂರಿನ ಮತ್ತೀಕೆರೆ /ಯಶವಂತಪುರದಲ್ಲಿರುವ ಆಭರಣ
ಮಳಿಗೆಗೆ ತಕ್ಷಣ ಸೇಲ್ಸ್‌ಮ್ಯಾನ್ /ಸೇಲ್ಸ್‌ಗರ್ಲ್ ಬೇಕಾಗಿದ್ದಾರೆ.
5. ಕಿ.ಮೀ. ವ್ಯಾಪ್ತಿಯಲ್ಲಿರುವವರಿಗೆ ಆದ್ಯತೆ.
ಶ್ರೀ ಅಂಕನಾಥೇಶ್ವರ ಸ್ವಾಮಿ ಪ್ರಸನ್ನ
ಎನ್.ಆರ್.ಮಿಲ್ಟ್ರಿ ಹೋಟೆಲ್
ಸಿವಿಲ್ ಮತ್ತು ಕೆಎಸ್ಸಾರ್ಟಿಸಿ ಬಸ್ ನಿಲ್ದಾಣ ಸಮೀಪ,
ಬಸವೇಶ್ವರ ರಸ್ತೆ, ತುಮಕೂರು
ಪ್ರತಿದಿನ ಬೆಳಿಗ್ಗೆ 10 ರಿಂದ ರಾತ್ರಿ 10.30 ಗಂಟೆವರೆಗೆ
ಬೆಳಗ್ಗೆ : 10 ರಿಂದ ಚಿಕನ್ ಬಿರಿಯಾನಿ, ಮಟನ್ ಬಿರಿಯಾನಿ. ಮತ್ತು ಕಾಲ್‌ಸೂಪ್ ದೊರೆಯುತ್ತದೆ)
ಮಧ್ಯಾಹ್ನ : ಮುದ್ದೆ ಊಟ, ಮಟನ್ ಊಟ, ಚಿಕನ್ ಊಟ, ಬೋಟಿ ಊಟ, ತಲೆಮಟನ್ ಊಟ, ಚಿಕನ್ ಮಸಾಲ ಊಟ, ಮಟನ್ ಮಸಾಲ ಊಟ, ಚಪಾತಿ, ಪರೋಟ, ಫಿಶ್ ಫ್ರೈ ಚಿಕನ್ ಫ್ರೈ, ಮಟನ್ ಫ್ರೈ, ಬೋಟಿ ಫ್ರೈ, ತಲೆಮಟನ್ ಫ್ರೈ, ಮಟನ್ ಡ್ರೈ, ಚಿಕನ್ ಡ್ರೈ, ಬೋಟಿ ಡ್ರೈ, ಎಗ್ ಮಸಾಲ, ಎಗ್ ರೈಸ್, ಚಿಕನ್ ಕಬಾಬ್.
ಸೋಮವಾರವೂ ತೆರೆದಿರುತ್ತದೆ
Non Veg Only
ಪಾರ್ಸೆಲ್ ದೊರೆಯುತ್ತದೆ ಸಂಪರ್ಕಿಸಿ
9986776520
